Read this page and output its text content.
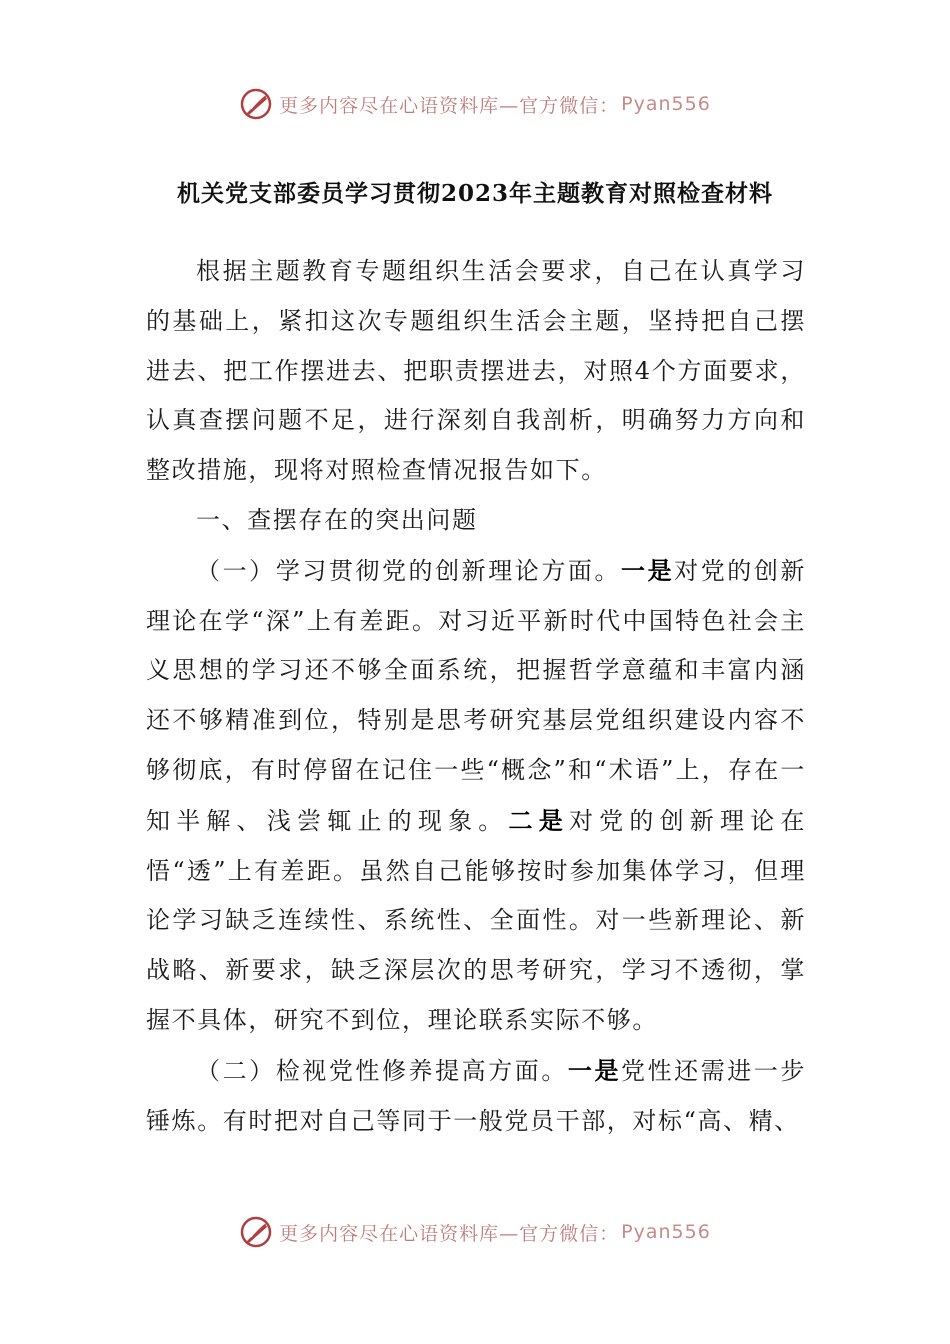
更多内容尽在心语资料库—官方微信： Pyan556
机关党支部委员学习贯彻2023年主题教育对照检查材料

根据主题教育专题组织生活会要求，自己在认真学习的基础上，紧扣这次专题组织生活会主题，坚持把自己摆进去、把工作摆进去、把职责摆进去，对照4个方面要求，认真查摆问题不足，进行深刻自我剖析，明确努力方向和整改措施，现将对照检查情况报告如下。

一、查摆存在的突出问题

（一）学习贯彻党的创新理论方面。一是对党的创新理论在学“深”上有差距。对习近平新时代中国特色社会主义思想的学习还不够全面系统，把握哲学意蕴和丰富内涵还不够精准到位，特别是思考研究基层党组织建设内容不够彻底，有时停留在记住一些“概念”和“术语”上，存在一知半解、浅尝辄止的现象。二是对党的创新理论在悟“透”上有差距。虽然自己能够按时参加集体学习，但理论学习缺乏连续性、系统性、全面性。对一些新理论、新战略、新要求，缺乏深层次的思考研究，学习不透彻，掌握不具体，研究不到位，理论联系实际不够。

（二）检视党性修养提高方面。一是党性还需进一步锤炼。有时把对自己等同于一般党员干部，对标“高、精、

更多内容尽在心语资料库—官方微信： Pyan556
